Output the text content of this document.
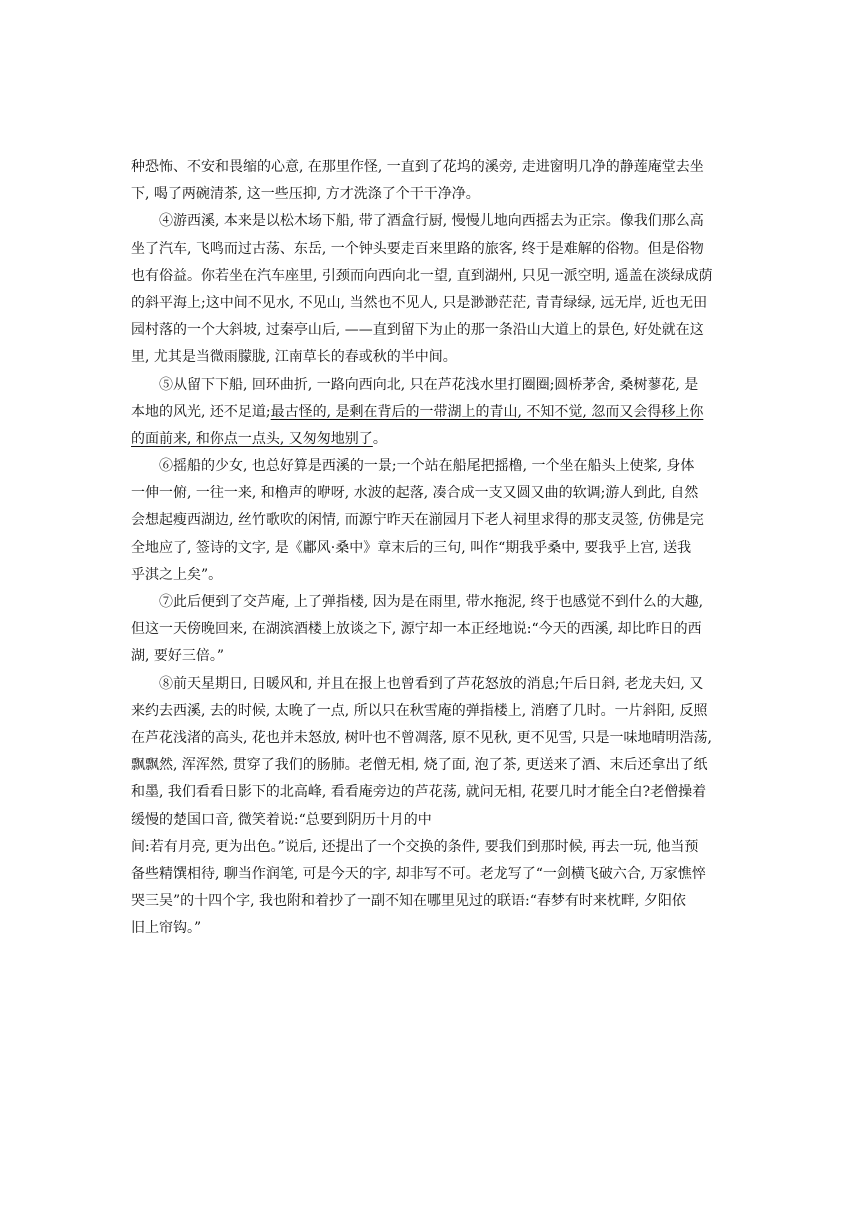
种恐怖、不安和畏缩的心意, 在那里作怪, 一直到了花坞的溪旁, 走进窗明几净的静莲庵堂去坐
下, 喝了两碗清茶, 这一些压抑, 方才洗涤了个干干净净。
④游西溪, 本来是以松木场下船, 带了酒盒行厨, 慢慢儿地向西摇去为正宗。像我们那么高
坐了汽车, 飞鸣而过古荡、东岳, 一个钟头要走百来里路的旅客, 终于是难解的俗物。但是俗物
也有俗益。你若坐在汽车座里, 引颈而向西向北一望, 直到湖州, 只见一派空明, 遥盖在淡绿成荫
的斜平海上;这中间不见水, 不见山, 当然也不见人, 只是渺渺茫茫, 青青绿绿, 远无岸, 近也无田
园村落的一个大斜坡, 过秦亭山后, ——直到留下为止的那一条沿山大道上的景色, 好处就在这
里, 尤其是当微雨朦胧, 江南草长的春或秋的半中间。
⑤从留下下船, 回环曲折, 一路向西向北, 只在芦花浅水里打圈圈;圆桥茅舍, 桑树蓼花, 是
本地的风光, 还不足道;最古怪的, 是剩在背后的一带湖上的青山, 不知不觉, 忽而又会得移上你
的面前来, 和你点一点头, 又匆匆地别了。
⑥摇船的少女, 也总好算是西溪的一景;一个站在船尾把摇橹, 一个坐在船头上使桨, 身体
一伸一俯, 一往一来, 和橹声的咿呀, 水波的起落, 凑合成一支又圆又曲的软调;游人到此, 自然
会想起瘦西湖边, 丝竹歌吹的闲情, 而源宁昨天在湔园月下老人祠里求得的那支灵签, 仿佛是完
全地应了, 签诗的文字, 是《鄘风·桑中》章末后的三句, 叫作“期我乎桑中, 要我乎上宫, 送我
乎淇之上矣”。
⑦此后便到了交芦庵, 上了弹指楼, 因为是在雨里, 带水拖泥, 终于也感觉不到什么的大趣,
但这一天傍晚回来, 在湖滨酒楼上放谈之下, 源宁却一本正经地说:“今天的西溪, 却比昨日的西
湖, 要好三倍。”
⑧前天星期日, 日暖风和, 并且在报上也曾看到了芦花怒放的消息;午后日斜, 老龙夫妇, 又
来约去西溪, 去的时候, 太晚了一点, 所以只在秋雪庵的弹指楼上, 消磨了几时。一片斜阳, 反照
在芦花浅渚的高头, 花也并未怒放, 树叶也不曾凋落, 原不见秋, 更不见雪, 只是一味地晴明浩荡,
飘飘然, 浑浑然, 贯穿了我们的肠肺。老僧无相, 烧了面, 泡了茶, 更送来了酒、末后还拿出了纸
和墨, 我们看看日影下的北高峰, 看看庵旁边的芦花荡, 就问无相, 花要几时才能全白?老僧操着
缓慢的楚国口音, 微笑着说:“总要到阴历十月的中
间:若有月亮, 更为出色。”说后, 还提出了一个交换的条件, 要我们到那时候, 再去一玩, 他当预
备些精馔相待, 聊当作润笔, 可是今天的字, 却非写不可。老龙写了“一剑横飞破六合, 万家憔悴
哭三吴”的十四个字, 我也附和着抄了一副不知在哪里见过的联语:“春梦有时来枕畔, 夕阳依
旧上帘钩。”
